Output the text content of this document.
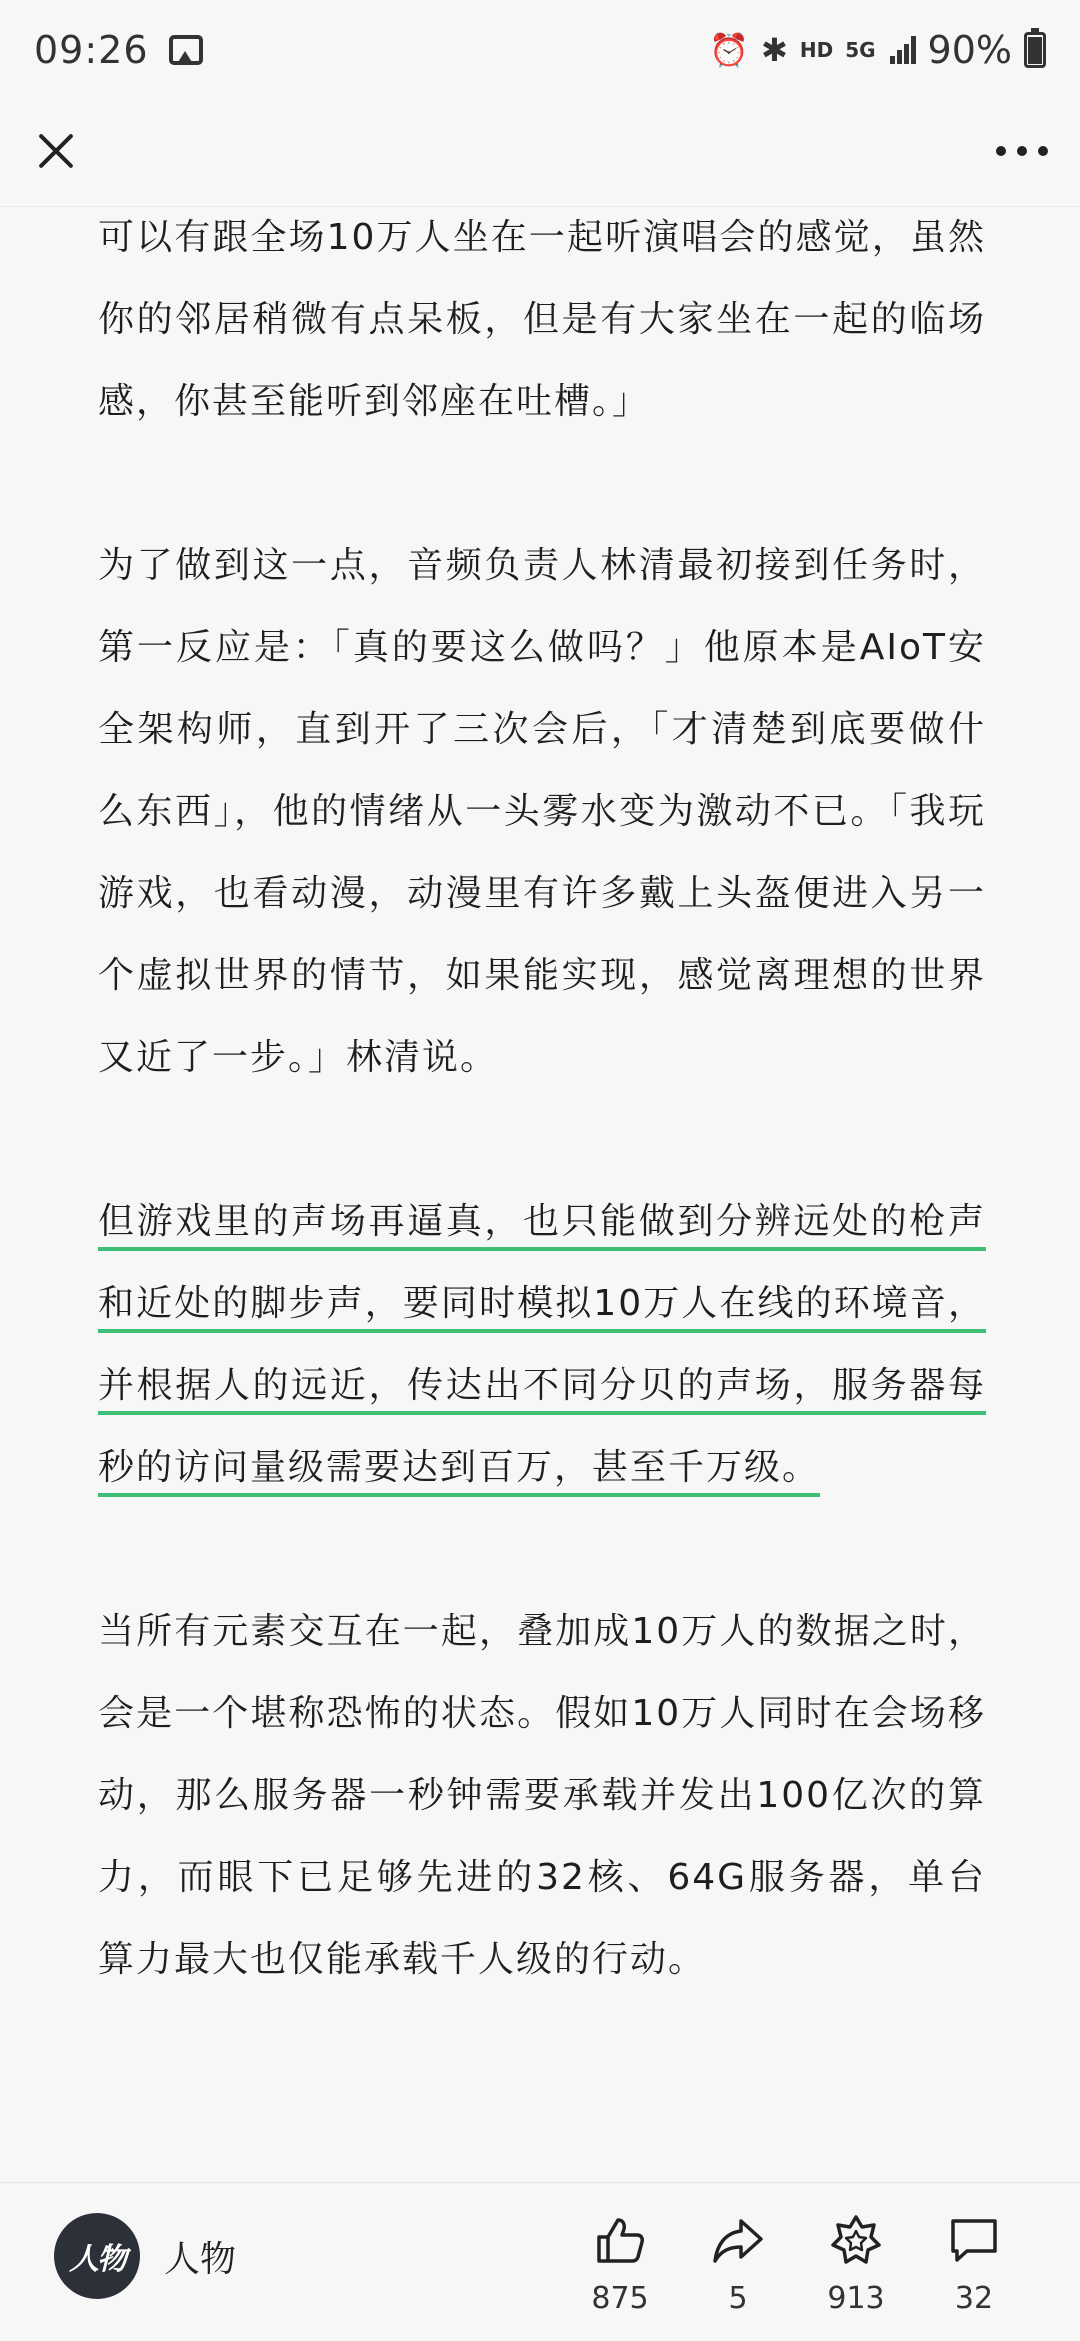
09:26	⏰ ✱ HD 5G 90%

可以有跟全场10万人坐在一起听演唱会的感觉，虽然你的邻居稍微有点呆板，但是有大家坐在一起的临场感，你甚至能听到邻座在吐槽。」

为了做到这一点，音频负责人林清最初接到任务时，第一反应是：「真的要这么做吗？」他原本是AIoT安全架构师，直到开了三次会后，「才清楚到底要做什么东西」，他的情绪从一头雾水变为激动不已。「我玩游戏，也看动漫，动漫里有许多戴上头盔便进入另一个虚拟世界的情节，如果能实现，感觉离理想的世界又近了一步。」林清说。

但游戏里的声场再逼真，也只能做到分辨远处的枪声和近处的脚步声，要同时模拟10万人在线的环境音，并根据人的远近，传达出不同分贝的声场，服务器每秒的访问量级需要达到百万，甚至千万级。

当所有元素交互在一起，叠加成10万人的数据之时，会是一个堪称恐怖的状态。假如10万人同时在会场移动，那么服务器一秒钟需要承载并发出100亿次的算力，而眼下已足够先进的32核、64G服务器，单台算力最大也仅能承载千人级的行动。

人物	人物
875	5	913	32
